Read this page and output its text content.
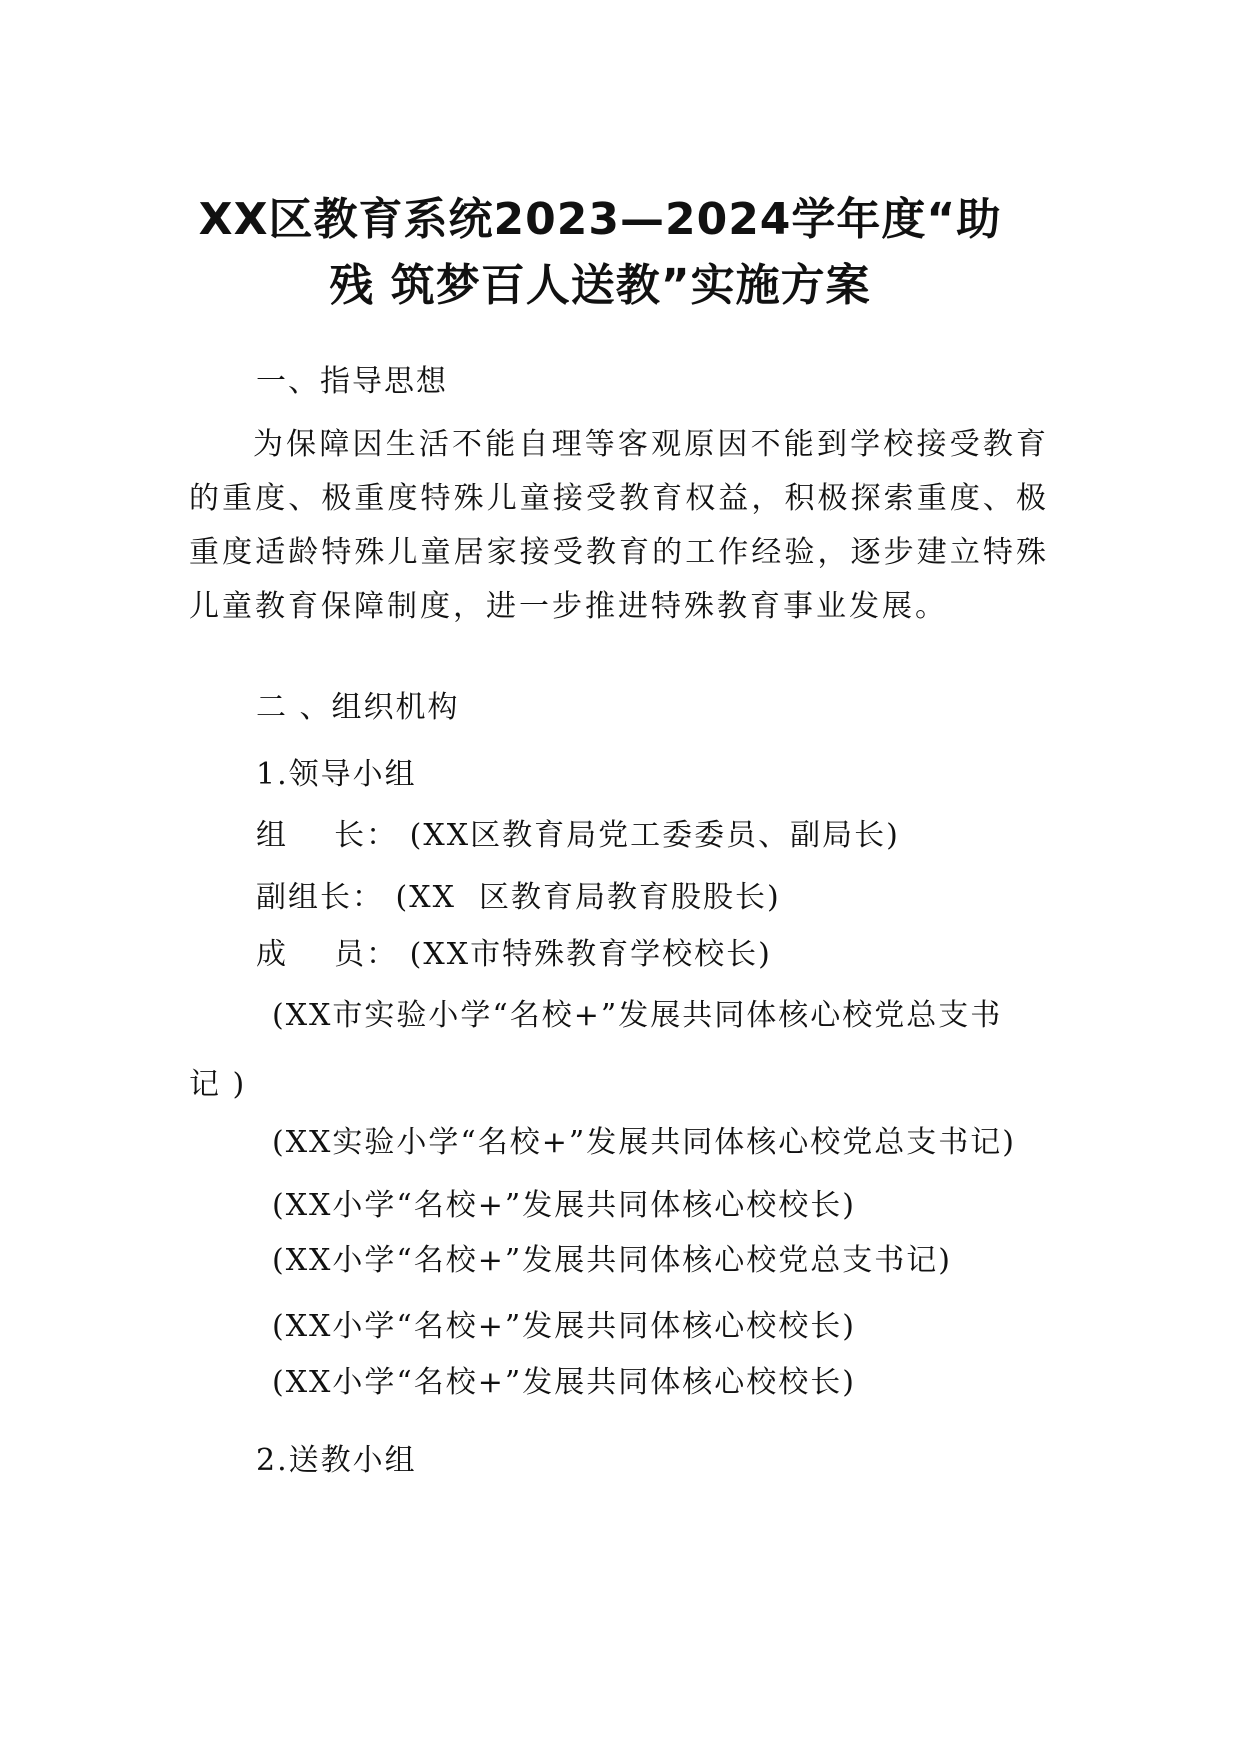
XX区教育系统2023—2024学年度“助
残 筑梦百人送教”实施方案
一、指导思想
为保障因生活不能自理等客观原因不能到学校接受教育的重度、极重度特殊儿童接受教育权益，积极探索重度、极重度适龄特殊儿童居家接受教育的工作经验，逐步建立特殊儿童教育保障制度，进一步推进特殊教育事业发展。
二 、组织机构
1.领导小组
组    长： (XX区教育局党工委委员、副局长)
副组长： (XX  区教育局教育股股长)
成    员： (XX市特殊教育学校校长)
(XX市实验小学“名校+”发展共同体核心校党总支书
记 )
(XX实验小学“名校+”发展共同体核心校党总支书记)
(XX小学“名校+”发展共同体核心校校长)
(XX小学“名校+”发展共同体核心校党总支书记)
(XX小学“名校+”发展共同体核心校校长)
(XX小学“名校+”发展共同体核心校校长)
2.送教小组
